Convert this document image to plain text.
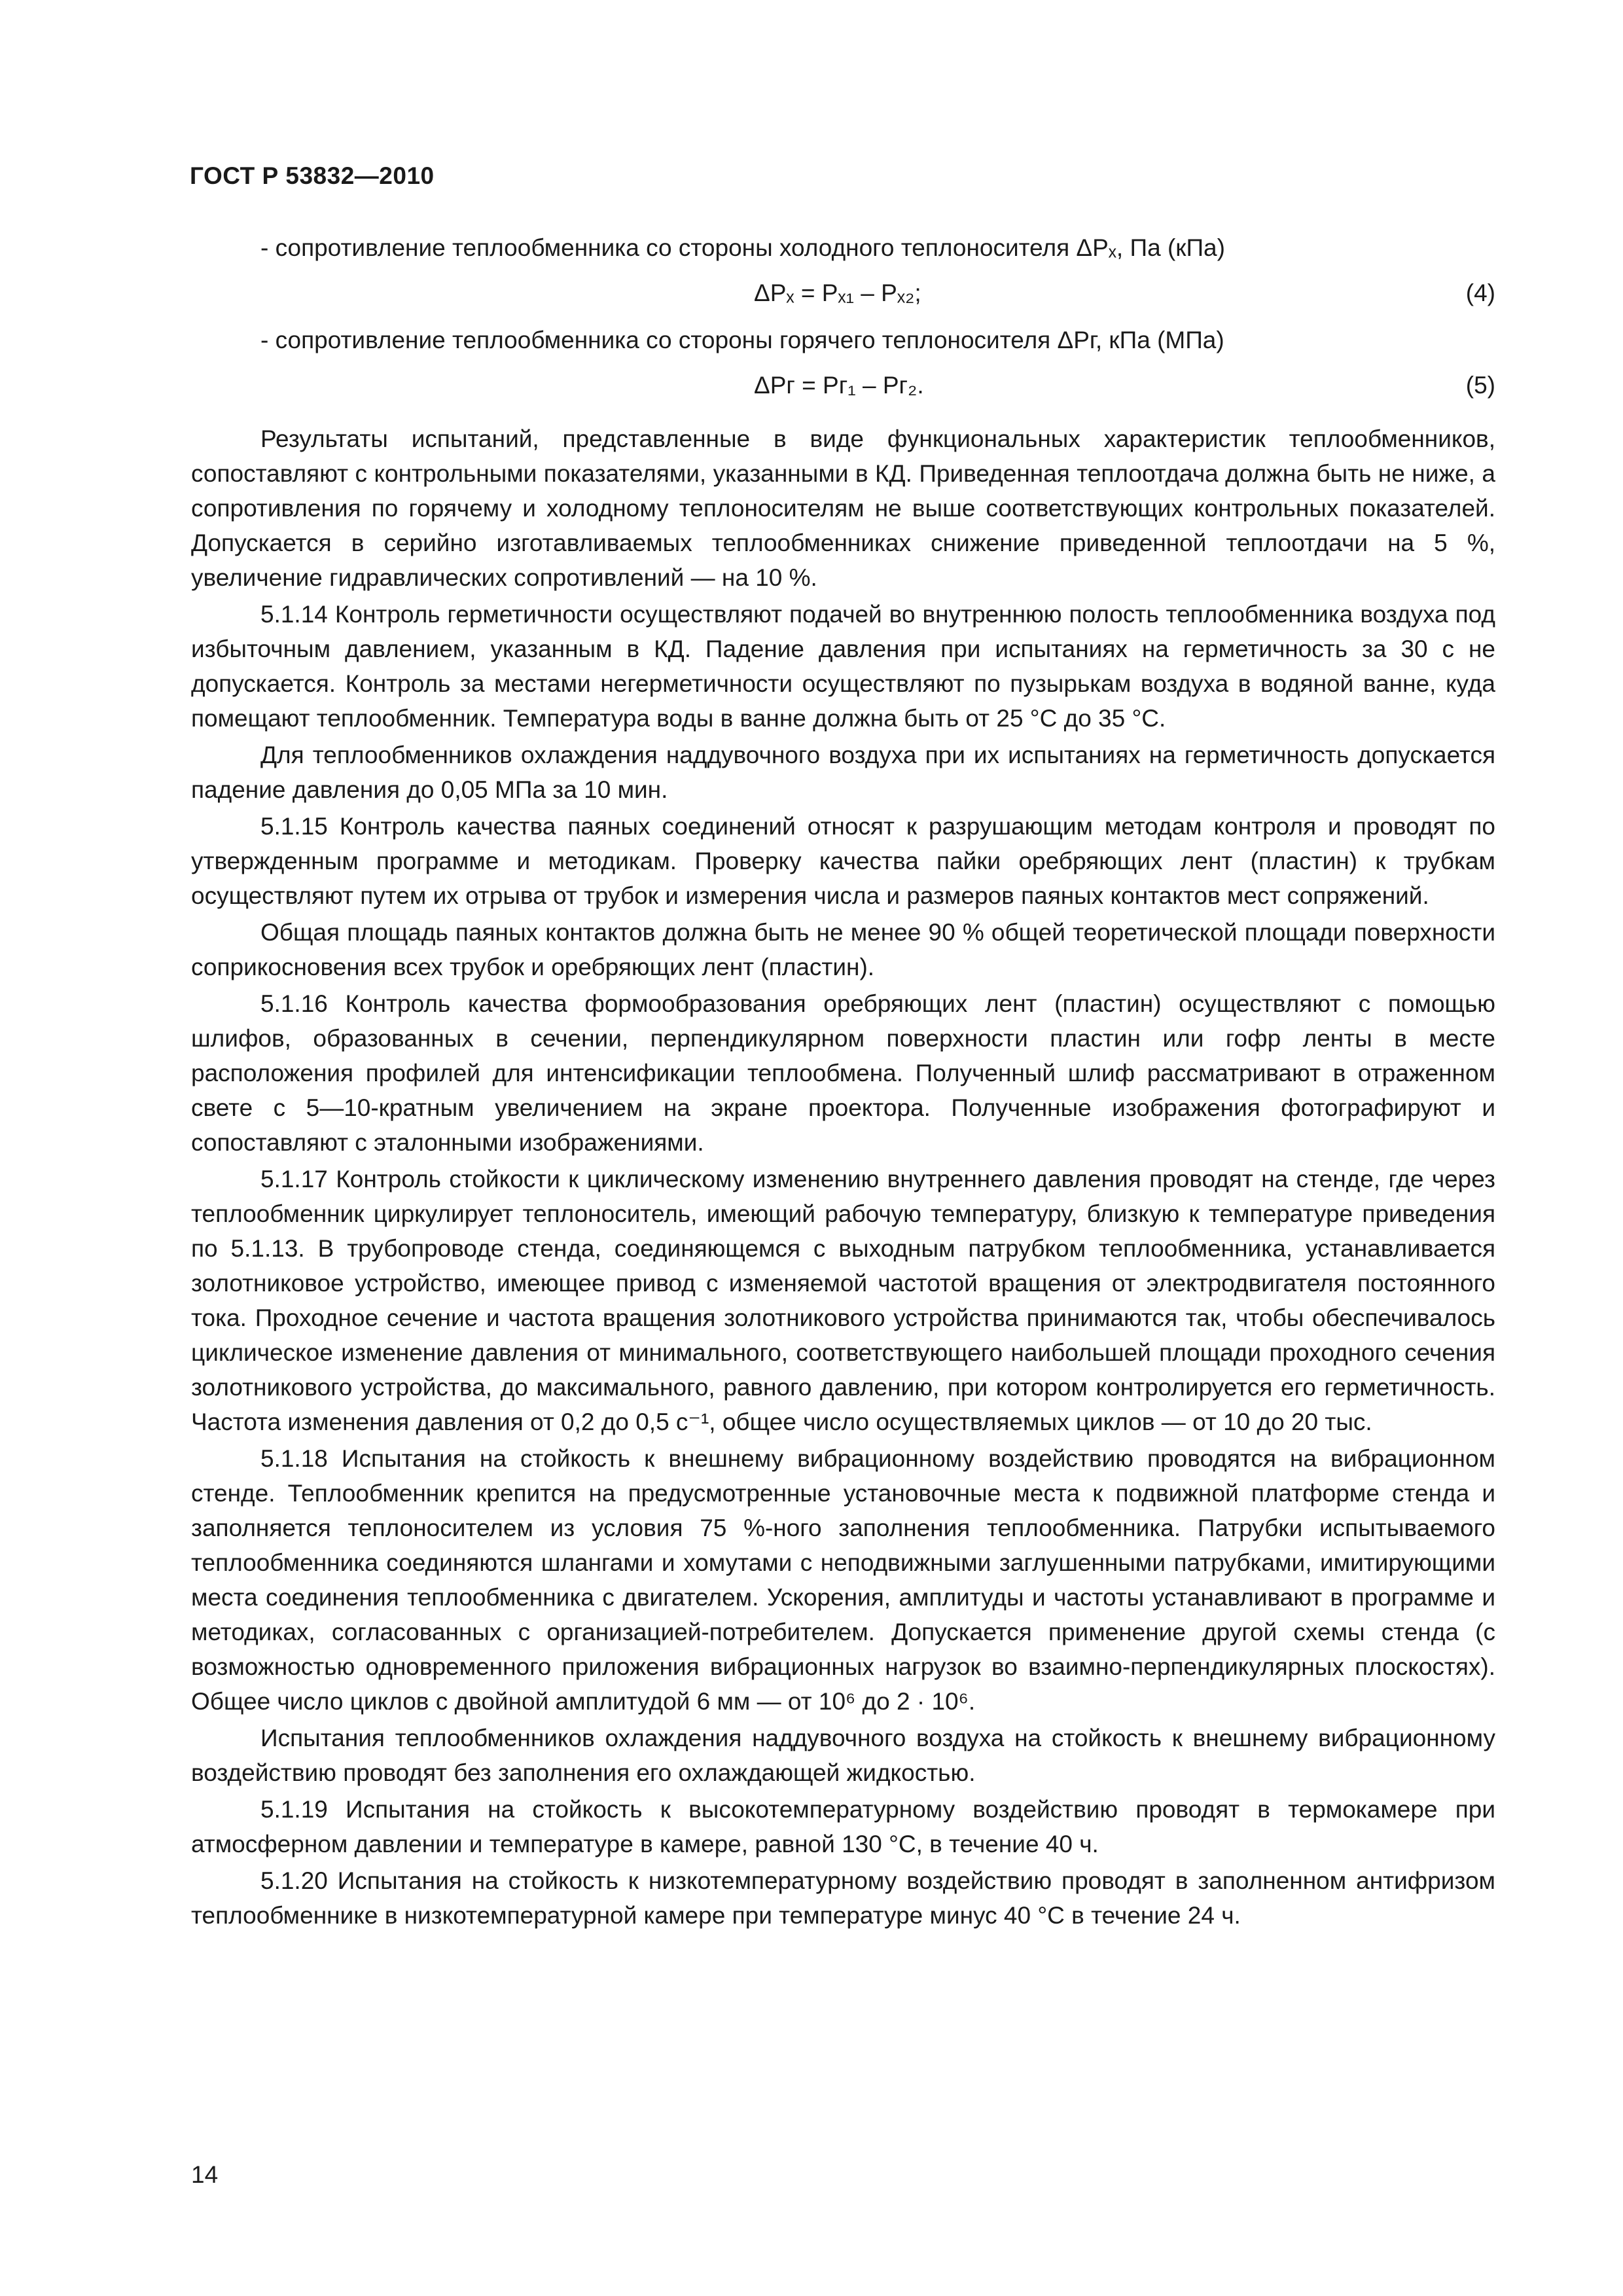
ГОСТ Р 53832—2010

- сопротивление теплообменника со стороны холодного теплоносителя ΔPₓ, Па (кПа)

ΔPₓ = Pₓ₁ – Pₓ₂;	(4)

- сопротивление теплообменника со стороны горячего теплоносителя ΔPг, кПа (МПа)

ΔPг = Pг₁ – Pг₂.	(5)

Результаты испытаний, представленные в виде функциональных характеристик теплообменников, сопоставляют с контрольными показателями, указанными в КД. Приведенная теплоотдача должна быть не ниже, а сопротивления по горячему и холодному теплоносителям не выше соответствующих контрольных показателей. Допускается в серийно изготавливаемых теплообменниках снижение приведенной теплоотдачи на 5 %, увеличение гидравлических сопротивлений — на 10 %.

5.1.14 Контроль герметичности осуществляют подачей во внутреннюю полость теплообменника воздуха под избыточным давлением, указанным в КД. Падение давления при испытаниях на герметичность за 30 с не допускается. Контроль за местами негерметичности осуществляют по пузырькам воздуха в водяной ванне, куда помещают теплообменник. Температура воды в ванне должна быть от 25 °С до 35 °С.

Для теплообменников охлаждения наддувочного воздуха при их испытаниях на герметичность допускается падение давления до 0,05 МПа за 10 мин.

5.1.15 Контроль качества паяных соединений относят к разрушающим методам контроля и проводят по утвержденным программе и методикам. Проверку качества пайки оребряющих лент (пластин) к трубкам осуществляют путем их отрыва от трубок и измерения числа и размеров паяных контактов мест сопряжений.

Общая площадь паяных контактов должна быть не менее 90 % общей теоретической площади поверхности соприкосновения всех трубок и оребряющих лент (пластин).

5.1.16 Контроль качества формообразования оребряющих лент (пластин) осуществляют с помощью шлифов, образованных в сечении, перпендикулярном поверхности пластин или гофр ленты в месте расположения профилей для интенсификации теплообмена. Полученный шлиф рассматривают в отраженном свете с 5—10-кратным увеличением на экране проектора. Полученные изображения фотографируют и сопоставляют с эталонными изображениями.

5.1.17 Контроль стойкости к циклическому изменению внутреннего давления проводят на стенде, где через теплообменник циркулирует теплоноситель, имеющий рабочую температуру, близкую к температуре приведения по 5.1.13. В трубопроводе стенда, соединяющемся с выходным патрубком теплообменника, устанавливается золотниковое устройство, имеющее привод с изменяемой частотой вращения от электродвигателя постоянного тока. Проходное сечение и частота вращения золотникового устройства принимаются так, чтобы обеспечивалось циклическое изменение давления от минимального, соответствующего наибольшей площади проходного сечения золотникового устройства, до максимального, равного давлению, при котором контролируется его герметичность. Частота изменения давления от 0,2 до 0,5 с⁻¹, общее число осуществляемых циклов — от 10 до 20 тыс.

5.1.18 Испытания на стойкость к внешнему вибрационному воздействию проводятся на вибрационном стенде. Теплообменник крепится на предусмотренные установочные места к подвижной платформе стенда и заполняется теплоносителем из условия 75 %-ного заполнения теплообменника. Патрубки испытываемого теплообменника соединяются шлангами и хомутами с неподвижными заглушенными патрубками, имитирующими места соединения теплообменника с двигателем. Ускорения, амплитуды и частоты устанавливают в программе и методиках, согласованных с организацией-потребителем. Допускается применение другой схемы стенда (с возможностью одновременного приложения вибрационных нагрузок во взаимно-перпендикулярных плоскостях). Общее число циклов с двойной амплитудой 6 мм — от 10⁶ до 2 · 10⁶.

Испытания теплообменников охлаждения наддувочного воздуха на стойкость к внешнему вибрационному воздействию проводят без заполнения его охлаждающей жидкостью.

5.1.19 Испытания на стойкость к высокотемпературному воздействию проводят в термокамере при атмосферном давлении и температуре в камере, равной 130 °С, в течение 40 ч.

5.1.20 Испытания на стойкость к низкотемпературному воздействию проводят в заполненном антифризом теплообменнике в низкотемпературной камере при температуре минус 40 °С в течение 24 ч.

14
